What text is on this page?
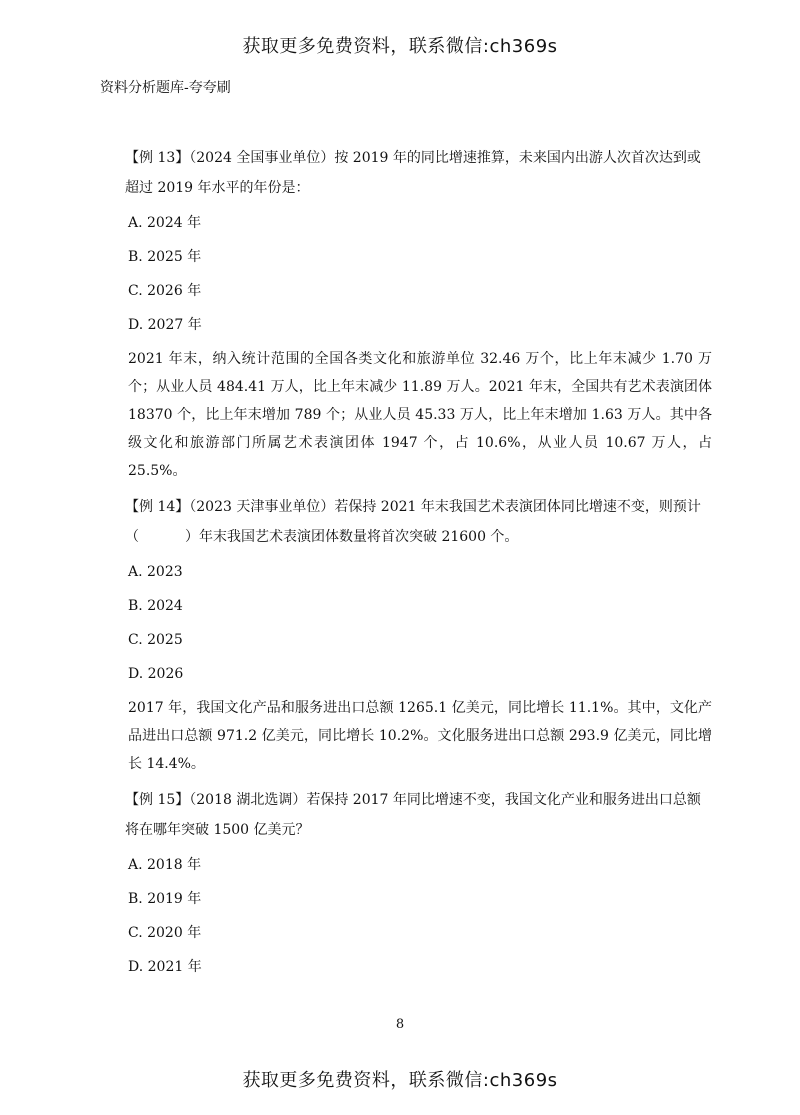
获取更多免费资料，联系微信:ch369s
资料分析题库-夸夸刷
【例 13】（2024 全国事业单位）按 2019 年的同比增速推算，未来国内出游人次首次达到或超过 2019 年水平的年份是：
A. 2024 年
B. 2025 年
C. 2026 年
D. 2027 年

2021 年末，纳入统计范围的全国各类文化和旅游单位 32.46 万个，比上年末减少 1.70 万个；从业人员 484.41 万人，比上年末减少 11.89 万人。2021 年末，全国共有艺术表演团体 18370 个，比上年末增加 789 个；从业人员 45.33 万人，比上年末增加 1.63 万人。其中各级文化和旅游部门所属艺术表演团体 1947 个，占 10.6%，从业人员 10.67 万人，占 25.5%。

【例 14】（2023 天津事业单位）若保持 2021 年末我国艺术表演团体同比增速不变，则预计（	）年末我国艺术表演团体数量将首次突破 21600 个。
A. 2023
B. 2024
C. 2025
D. 2026

2017 年，我国文化产品和服务进出口总额 1265.1 亿美元，同比增长 11.1%。其中，文化产品进出口总额 971.2 亿美元，同比增长 10.2%。文化服务进出口总额 293.9 亿美元，同比增长 14.4%。

【例 15】（2018 湖北选调）若保持 2017 年同比增速不变，我国文化产业和服务进出口总额将在哪年突破 1500 亿美元？
A. 2018 年
B. 2019 年
C. 2020 年
D. 2021 年
8
获取更多免费资料，联系微信:ch369s
